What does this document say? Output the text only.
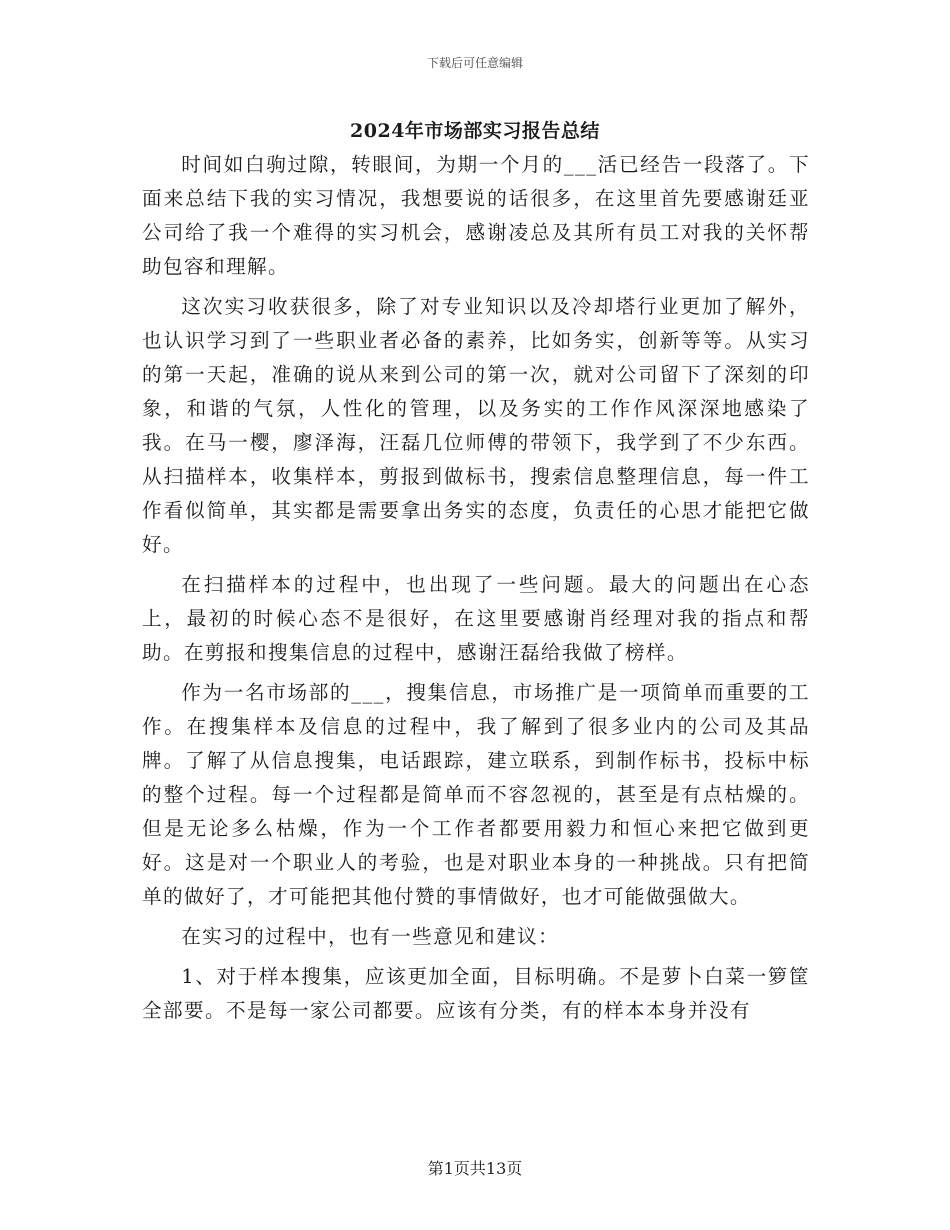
下载后可任意编辑
2024年市场部实习报告总结

时间如白驹过隙，转眼间，为期一个月的___活已经告一段落了。下面来总结下我的实习情况，我想要说的话很多，在这里首先要感谢廷亚公司给了我一个难得的实习机会，感谢凌总及其所有员工对我的关怀帮助包容和理解。

这次实习收获很多，除了对专业知识以及冷却塔行业更加了解外，也认识学习到了一些职业者必备的素养，比如务实，创新等等。从实习的第一天起，准确的说从来到公司的第一次，就对公司留下了深刻的印象，和谐的气氛，人性化的管理，以及务实的工作作风深深地感染了我。在马一樱，廖泽海，汪磊几位师傅的带领下，我学到了不少东西。从扫描样本，收集样本，剪报到做标书，搜索信息整理信息，每一件工作看似简单，其实都是需要拿出务实的态度，负责任的心思才能把它做好。

在扫描样本的过程中，也出现了一些问题。最大的问题出在心态上，最初的时候心态不是很好，在这里要感谢肖经理对我的指点和帮助。在剪报和搜集信息的过程中，感谢汪磊给我做了榜样。

作为一名市场部的___，搜集信息，市场推广是一项简单而重要的工作。在搜集样本及信息的过程中，我了解到了很多业内的公司及其品牌。了解了从信息搜集，电话跟踪，建立联系，到制作标书，投标中标的整个过程。每一个过程都是简单而不容忽视的，甚至是有点枯燥的。但是无论多么枯燥，作为一个工作者都要用毅力和恒心来把它做到更好。这是对一个职业人的考验，也是对职业本身的一种挑战。只有把简单的做好了，才可能把其他付赞的事情做好，也才可能做强做大。

在实习的过程中，也有一些意见和建议：

1、对于样本搜集，应该更加全面，目标明确。不是萝卜白菜一箩筐全部要。不是每一家公司都要。应该有分类，有的样本本身并没有

第1页共13页
